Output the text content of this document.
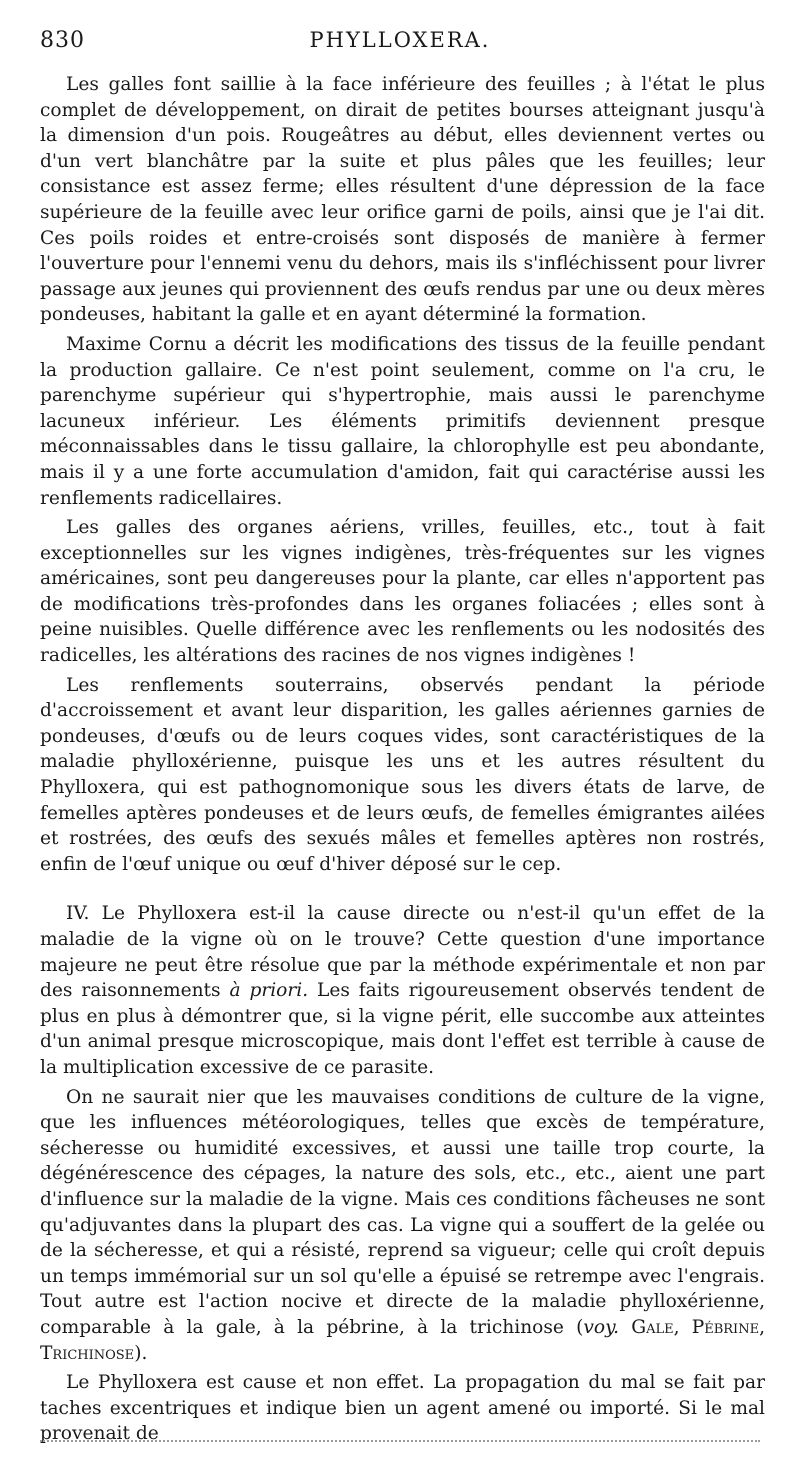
830	PHYLLOXERA.

Les galles font saillie à la face inférieure des feuilles ; à l'état le plus complet de développement, on dirait de petites bourses atteignant jusqu'à la dimension d'un pois. Rougeâtres au début, elles deviennent vertes ou d'un vert blanchâtre par la suite et plus pâles que les feuilles; leur consistance est assez ferme; elles résultent d'une dépression de la face supérieure de la feuille avec leur orifice garni de poils, ainsi que je l'ai dit. Ces poils roides et entre-croisés sont disposés de manière à fermer l'ouverture pour l'ennemi venu du dehors, mais ils s'infléchissent pour livrer passage aux jeunes qui proviennent des œufs rendus par une ou deux mères pondeuses, habitant la galle et en ayant déterminé la formation.

Maxime Cornu a décrit les modifications des tissus de la feuille pendant la production gallaire. Ce n'est point seulement, comme on l'a cru, le parenchyme supérieur qui s'hypertrophie, mais aussi le parenchyme lacuneux inférieur. Les éléments primitifs deviennent presque méconnaissables dans le tissu gallaire, la chlorophylle est peu abondante, mais il y a une forte accumulation d'amidon, fait qui caractérise aussi les renflements radicellaires.

Les galles des organes aériens, vrilles, feuilles, etc., tout à fait exceptionnelles sur les vignes indigènes, très-fréquentes sur les vignes américaines, sont peu dangereuses pour la plante, car elles n'apportent pas de modifications très-profondes dans les organes foliacées ; elles sont à peine nuisibles. Quelle différence avec les renflements ou les nodosités des radicelles, les altérations des racines de nos vignes indigènes !

Les renflements souterrains, observés pendant la période d'accroissement et avant leur disparition, les galles aériennes garnies de pondeuses, d'œufs ou de leurs coques vides, sont caractéristiques de la maladie phylloxérienne, puisque les uns et les autres résultent du Phylloxera, qui est pathognomonique sous les divers états de larve, de femelles aptères pondeuses et de leurs œufs, de femelles émigrantes ailées et rostrées, des œufs des sexués mâles et femelles aptères non rostrés, enfin de l'œuf unique ou œuf d'hiver déposé sur le cep.

IV. Le Phylloxera est-il la cause directe ou n'est-il qu'un effet de la maladie de la vigne où on le trouve? Cette question d'une importance majeure ne peut être résolue que par la méthode expérimentale et non par des raisonnements à priori. Les faits rigoureusement observés tendent de plus en plus à démontrer que, si la vigne périt, elle succombe aux atteintes d'un animal presque microscopique, mais dont l'effet est terrible à cause de la multiplication excessive de ce parasite.

On ne saurait nier que les mauvaises conditions de culture de la vigne, que les influences météorologiques, telles que excès de température, sécheresse ou humidité excessives, et aussi une taille trop courte, la dégénérescence des cépages, la nature des sols, etc., etc., aient une part d'influence sur la maladie de la vigne. Mais ces conditions fâcheuses ne sont qu'adjuvantes dans la plupart des cas. La vigne qui a souffert de la gelée ou de la sécheresse, et qui a résisté, reprend sa vigueur; celle qui croît depuis un temps immémorial sur un sol qu'elle a épuisé se retrempe avec l'engrais. Tout autre est l'action nocive et directe de la maladie phylloxérienne, comparable à la gale, à la pébrine, à la trichinose (voy. Gale, Pébrine, Trichinose).

Le Phylloxera est cause et non effet. La propagation du mal se fait par taches excentriques et indique bien un agent amené ou importé. Si le mal provenait de
